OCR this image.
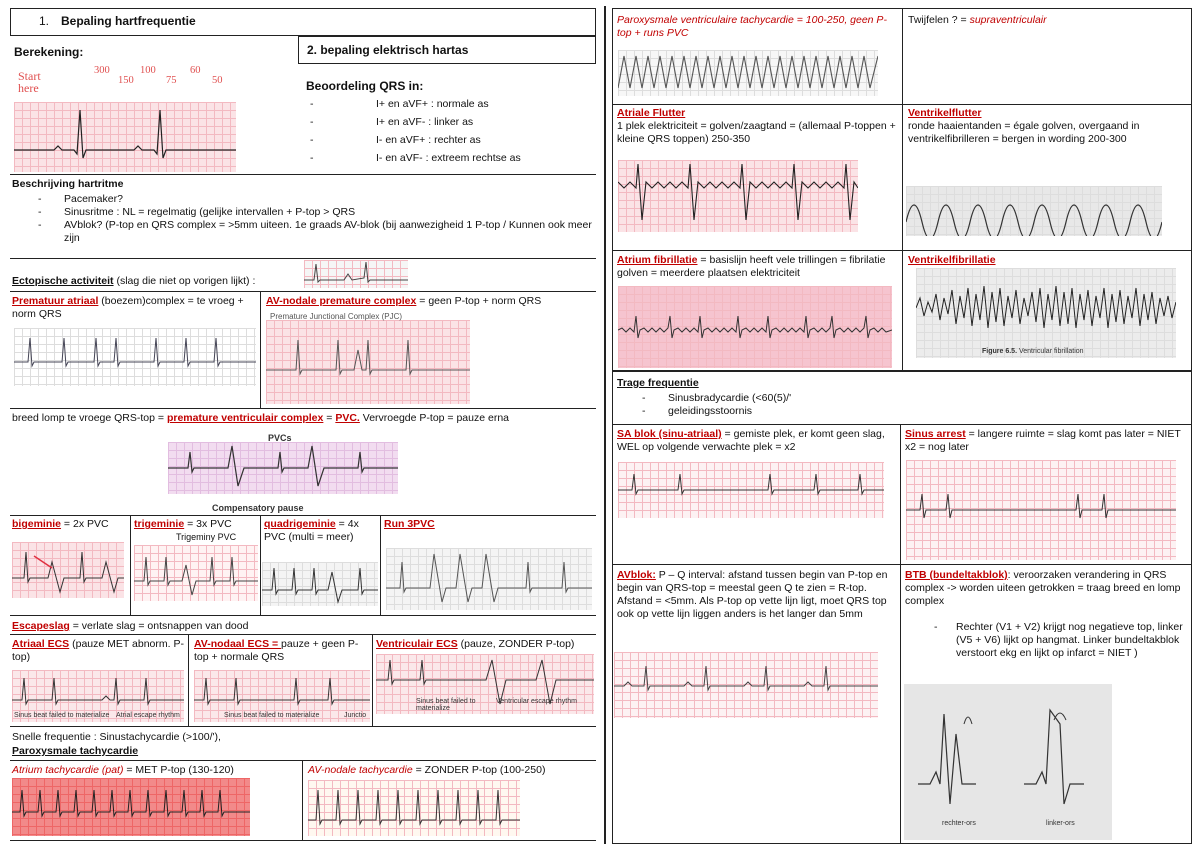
1. Bepaling hartfrequentie
Berekening:
Start
here
300
150
100
75
60
50
2. bepaling elektrisch hartas
Beoordeling QRS in:
- I+ en aVF+ : normale as
- I+ en aVF- : linker as
- I- en aVF+ : rechter as
- I- en aVF- : extreem rechtse as
Beschrijving hartritme
- Pacemaker?
- Sinusritme : NL = regelmatig (gelijke intervallen + P-top > QRS
- AVblok? (P-top en QRS complex = >5mm uiteen. 1e graads AV-blok (bij aanwezigheid 1 P-top / Kunnen ook meer zijn
Ectopische activiteit (slag die niet op vorigen lijkt) :
Prematuur atriaal (boezem)complex = te vroeg + norm QRS
AV-nodale premature complex = geen P-top + norm QRS
Premature Junctional Complex (PJC)
breed lomp te vroege QRS-top = premature ventriculair complex = PVC. Vervroegde P-top = pauze erna
PVCs
Compensatory pause
bigeminie = 2x PVC trigeminie = 3x PVC
Trigeminy PVC
quadrigeminie = 4x PVC (multi = meer)
Run 3PVC
Escapeslag = verlate slag = ontsnappen van dood
Atriaal ECS (pauze MET abnorm. P-top)
Sinus beat failed to materialize Atrial escape rhythm
AV-nodaal ECS = pauze + geen P-top + normale QRS
Sinus beat failed to materialize	Junctio
Ventriculair ECS (pauze, ZONDER P-top)
Sinus beat failed to materialize
Ventricular escape rhythm
Snelle frequentie : Sinustachycardie (>100/'),
Paroxysmale tachycardie
Atrium tachycardie (pat) = MET P-top (130-120)	AV-nodale tachycardie = ZONDER P-top (100-250)
Paroxysmale ventriculaire tachycardie = 100-250, geen P-top + runs PVC
Twijfelen ? = supraventriculair
Atriale Flutter
1 plek elektriciteit = golven/zaagtand = (allemaal P-toppen + kleine QRS toppen) 250-350
Ventrikelflutter
ronde haaientanden = égale golven, overgaand in ventrikelfibrilleren = bergen in wording 200-300
Atrium fibrillatie = basislijn heeft vele trillingen = fibrilatie golven = meerdere plaatsen elektriciteit
Ventrikelfibrillatie
Figure 6.5. Ventricular fibrillation
Trage frequentie
- Sinusbradycardie (<60(5)/'
- geleidingsstoornis
SA blok (sinu-atriaal) = gemiste plek, er komt geen slag, WEL op volgende verwachte plek = x2
Sinus arrest = langere ruimte = slag komt pas later = NIET x2 = nog later
AVblok: P – Q interval: afstand tussen begin van P-top en begin van QRS-top = meestal geen Q te zien = R-top. Afstand = <5mm. Als P-top op vette lijn ligt, moet QRS top ook op vette lijn liggen anders is het langer dan 5mm
BTB (bundeltakblok): veroorzaken verandering in QRS complex -> worden uiteen getrokken = traag breed en lomp complex
- Rechter (V1 + V2) krijgt nog negatieve top, linker (V5 + V6) lijkt op hangmat. Linker bundeltakblok verstoort ekg en lijkt op infarct = NIET )
rechter-ors	linker-ors
